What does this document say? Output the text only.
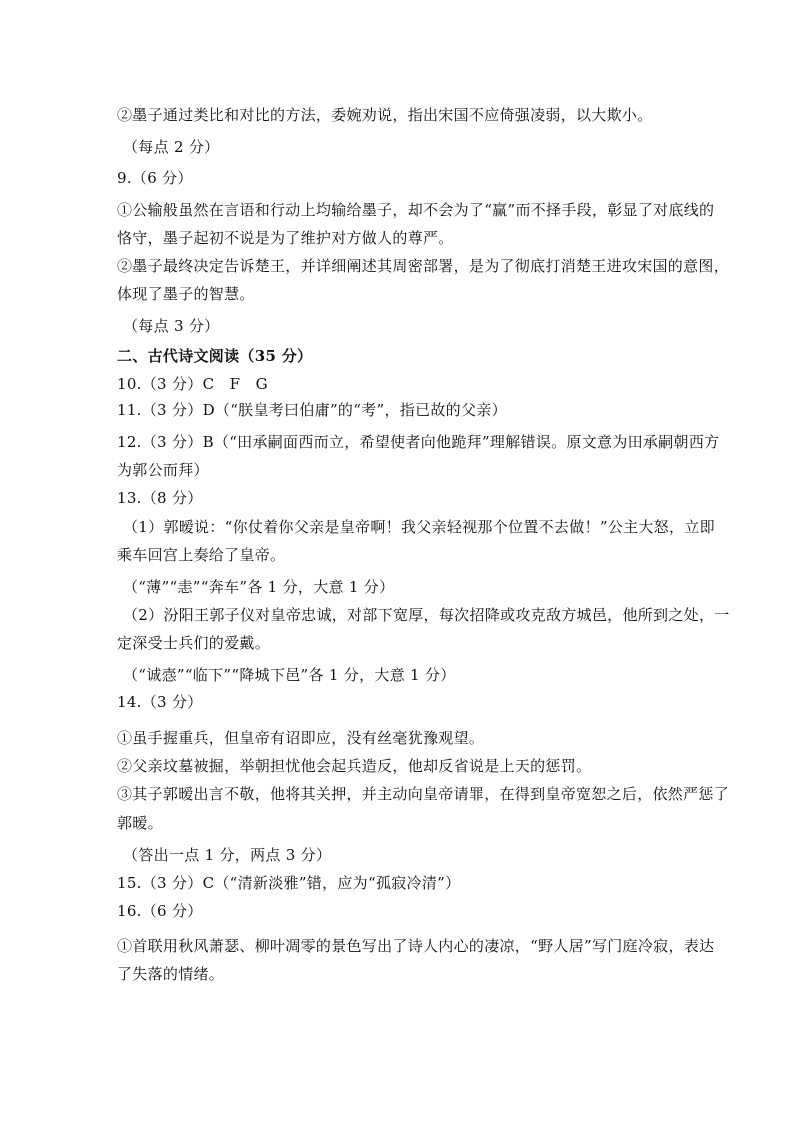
②墨子通过类比和对比的方法，委婉劝说，指出宋国不应倚强凌弱，以大欺小。
（每点 2 分）
9.（6 分）
①公输般虽然在言语和行动上均输给墨子，却不会为了“赢”而不择手段，彰显了对底线的
恪守，墨子起初不说是为了维护对方做人的尊严。
②墨子最终决定告诉楚王，并详细阐述其周密部署，是为了彻底打消楚王进攻宋国的意图，
体现了墨子的智慧。
（每点 3 分）
二、古代诗文阅读（35 分）
10.（3 分）C　F　G
11.（3 分）D（“朕皇考曰伯庸”的“考”，指已故的父亲）
12.（3 分）B（“田承嗣面西而立，希望使者向他跪拜”理解错误。原文意为田承嗣朝西方
为郭公而拜）
13.（8 分）
（1）郭暧说：“你仗着你父亲是皇帝啊！我父亲轻视那个位置不去做！”公主大怒，立即
乘车回宫上奏给了皇帝。
（“薄”“恚”“奔车”各 1 分，大意 1 分）
（2）汾阳王郭子仪对皇帝忠诚，对部下宽厚，每次招降或攻克敌方城邑，他所到之处，一
定深受士兵们的爱戴。
（“诚悫”“临下”“降城下邑”各 1 分，大意 1 分）
14.（3 分）
①虽手握重兵，但皇帝有诏即应，没有丝毫犹豫观望。
②父亲坟墓被掘，举朝担忧他会起兵造反，他却反省说是上天的惩罚。
③其子郭暧出言不敬，他将其关押，并主动向皇帝请罪，在得到皇帝宽恕之后，依然严惩了
郭暧。
（答出一点 1 分，两点 3 分）
15.（3 分）C（“清新淡雅”错，应为“孤寂冷清”）
16.（6 分）
①首联用秋风萧瑟、柳叶凋零的景色写出了诗人内心的凄凉，“野人居”写门庭冷寂，表达
了失落的情绪。
